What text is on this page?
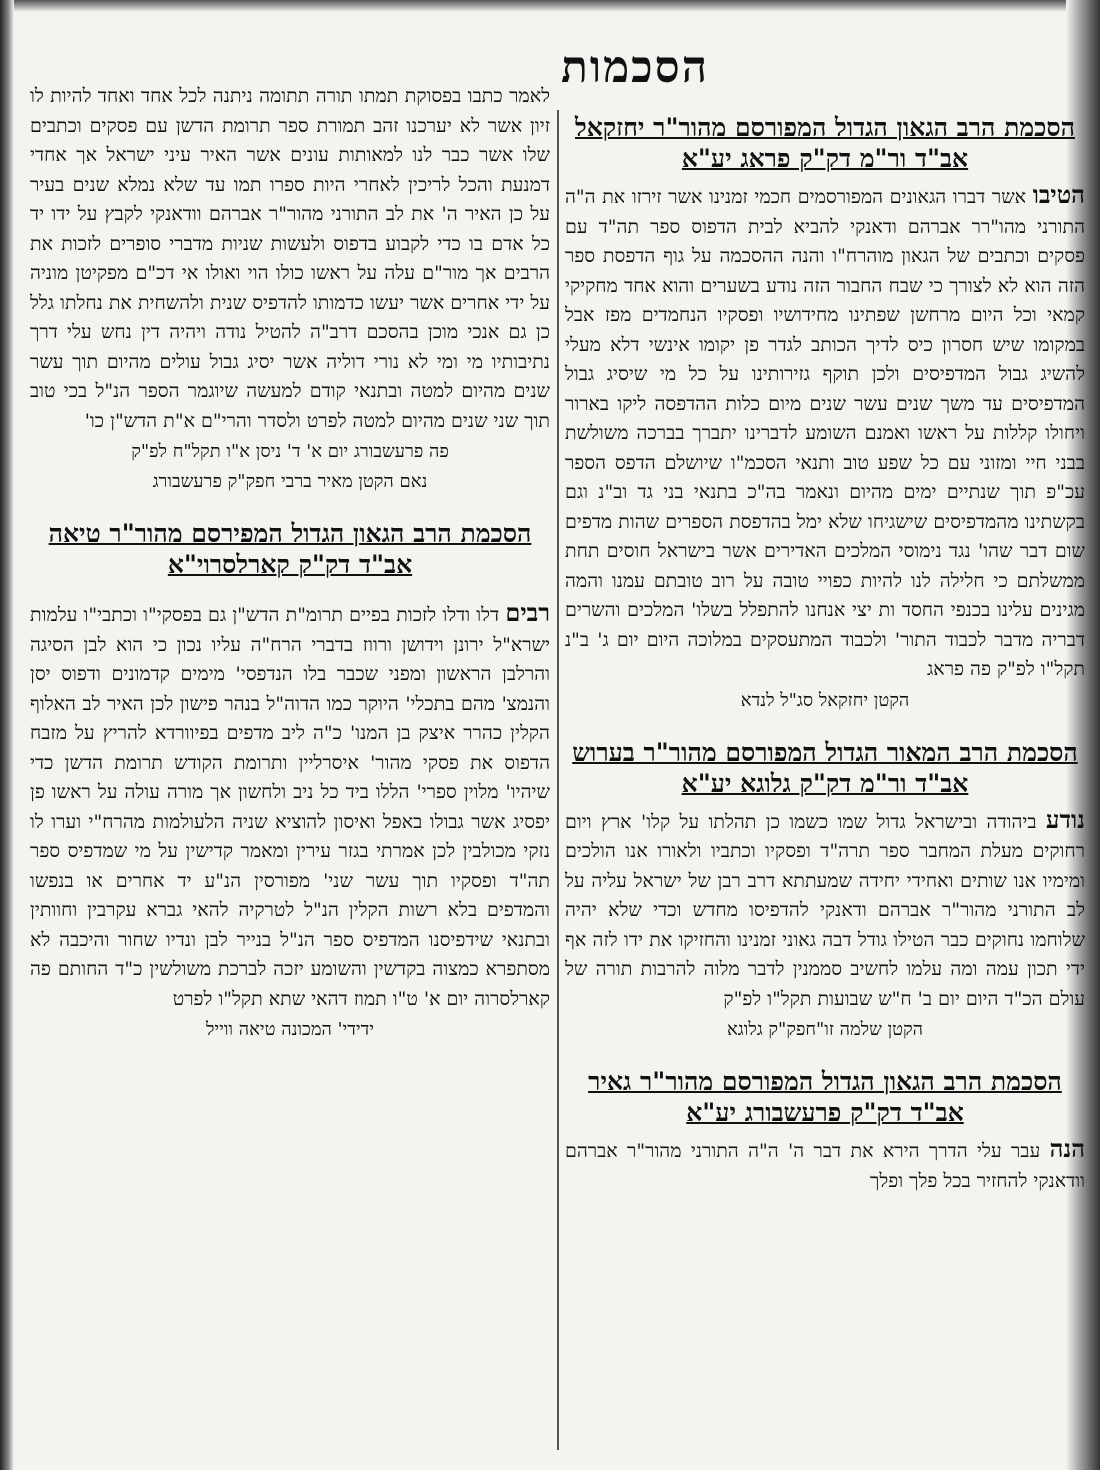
הסכמות
הסכמת הרב הגאון הגדול המפורסם מהור"ר יחזקאל אב"ד ור"מ דק"ק פראג יע"א

הטיבו אשר דברו הגאונים המפורסמים חכמי זמנינו אשר זירזו את ה"ה התורני מהו"רר אברהם ודאנקי להביא לבית הדפוס ספר תה"ד עם פסקים וכתבים של הגאון מוהרח"ו והנה ההסכמה על גוף הדפסת ספר הזה הוא לא לצורך כי שבח החבור הזה נודע בשערים והוא אחד מחקיקי קמאי וכל היום מרחשן שפתינו מחידושיו ופסקיו הנחמדים מפז אבל במקומו שיש חסרון כיס לדיך הכותב לגדר פן יקומו אינשי דלא מעלי להשיג גבול המדפיסים ולכן תוקף גזירותינו על כל מי שיסיג גבול המדפיסים עד משך שנים עשר שנים מיום כלות ההדפסה ליקו בארור ויחולו קללות על ראשו ואמנם השומע לדברינו יתברך בברכה משולשת בבני חיי ומזוני עם כל שפע טוב ותנאי הסכמ"ו שיושלם הדפס הספר עכ"פ תוך שנתיים ימים מהיום ונאמר בה"כ בתנאי בני גד וב"נ וגם בקשתינו מהמדפיסים שישגיחו שלא ימל בהדפסת הספרים שהות מדפים שום דבר שהו' נגד נימוסי המלכים האדירים אשר בישראל חוסים תחת ממשלתם כי חלילה לנו להיות כפויי טובה על רוב טובתם עמנו והמה מגינים עלינו בכנפי החסד ות יצי אנחנו להתפלל בשלו' המלכים והשרים דבריה מדבר לכבוד התור' ולכבוד המתעסקים במלוכה היום יום ג' ב"נ תקל"ו לפ"ק פה פראג

הקטן יחזקאל סג"ל לנדא
הסכמת הרב המאור הגדול המפורסם מהור"ר בערוש אב"ד ור"מ דק"ק גלוגא יע"א

נודע ביהודה ובישראל גדול שמו כשמו כן תהלתו על קלו' ארץ ויום רחוקים מעלת המחבר ספר תרה"ד ופסקיו וכתביו ולאורו אנו הולכים ומימיו אנו שותים ואחידי יחידה שמעתתא דרב רבן של ישראל עליה על לב התורני מהור"ר אברהם ודאנקי להדפיסו מחדש וכדי שלא יהיה שלוחמו נחוקים כבר הטילו גודל דבה גאוני זמנינו והחזיקו את ידו לזה אף ידי תכון עמה ומה עלמו לחשיב סממנין לדבר מלוה להרבות תורה של עולם הכ"ד היום יום ב' ח"ש שבועות תקל"ו לפ"ק

הקטן שלמה זו"חפק"ק גלוגא
הסכמת הרב הגאון הגדול המפורסם מהור"ר גאיר אב"ד דק"ק פרעשבורג יע"א

הנה עבר עלי הדרך הירא את דבר ה' ה"ה התורני מהור"ר אברהם וודאנקי להחזיר בכל פלך ופלך

לאמר כתבו בפסוקת תמתו תורה תתומה ניתנה לכל אחד ואחד להיות לו זיון אשר לא יערכנו זהב תמורת ספר תרומת הדשן עם פסקים וכתבים שלו אשר כבר לנו למאותות עונים אשר האיר עיני ישראל אך אחדי דמנעת והכל לריכין לאחרי היות ספרו תמו עד שלא נמלא שנים בעיר על כן האיר ה' את לב התורני מהור"ר אברהם וודאנקי לקבץ על ידו יד כל אדם בו כדי לקבוע בדפוס ולעשות שניות מדברי סופרים לזכות את הרבים אך מור"ם עלה על ראשו כולו הוי ואולו אי דכ"ם מפקיטן מוניה על ידי אחרים אשר יעשו כדמותו להדפיס שנית ולהשחית את נחלתו גלל כן גם אנכי מוכן בהסכם דרב"ה להטיל נודה ויהיה דין נחש עלי דרך נתיבותיו מי ומי לא נורי דוליה אשר יסיג גבול עולים מהיום תוך עשר שנים מהיום למטה ובתנאי קודם למעשה שיוגמר הספר הנ"ל בכי טוב תוך שני שנים מהיום למטה לפרט ולסדר והרי"ם א"ת הדש"ן כו'

פה פרעשבורג יום א' ד' ניסן א"ו תקל"ח לפ"ק
נאם הקטן מאיר ברבי חפק"ק פרעשבורג
הסכמת הרב הגאון הגדול המפירסם מהור"ר טיאה אב"ד דק"ק קארלסרוי"א

רבים דלו ודלו לזכות בפיים תרומ"ת הדש"ן גם בפסקי"ו וכתבי"ו עלמות ישרא"ל ירונן וידושן ורווז בדברי הרח"ה עליו נכון כי הוא לבן הסיגה והרלבן הראשון ומפני שכבר בלו הנדפסי' מימים קדמונים ודפוס יסן והנמצ' מהם בתכלי' היוקר כמו הדוה"ל בנהר פישון לכן האיר לב האלוף הקלין כהרר איצק בן המנו' כ"ה ליב מדפים בפיוורדא להריץ על מזבח הדפוס את פסקי מהור' איסרליין ותרומת הקודש תרומת הדשן כדי שיהיו' מלוין ספרי' הללו ביד כל ניב ולחשון אך מורה עולה על ראשו פן יפסיג אשר גבולו באפל ואיסון להוציא שניה הלעולמות מהרח"י וערו לו נזקי מכולבין לכן אמרתי בגזר עירין ומאמר קדישין על מי שמדפיס ספר תה"ד ופסקיו תוך עשר שני' מפורסין הנ"ע יד אחרים או בנפשו והמדפים בלא רשות הקלין הנ"ל לטרקיה להאי גברא עקרבין וחוותין ובתנאי שידפיסנו המדפיס ספר הנ"ל בנייר לבן ונדיו שחור והיכבה לא מסתפרא כמצוה בקדשין והשומע יזכה לברכת משולשין כ"ד החותם פה קארלסרוה יום א' ט"ו תמוז דהאי שתא תקל"ו לפרט

ידידי' המכונה טיאה ווייל
